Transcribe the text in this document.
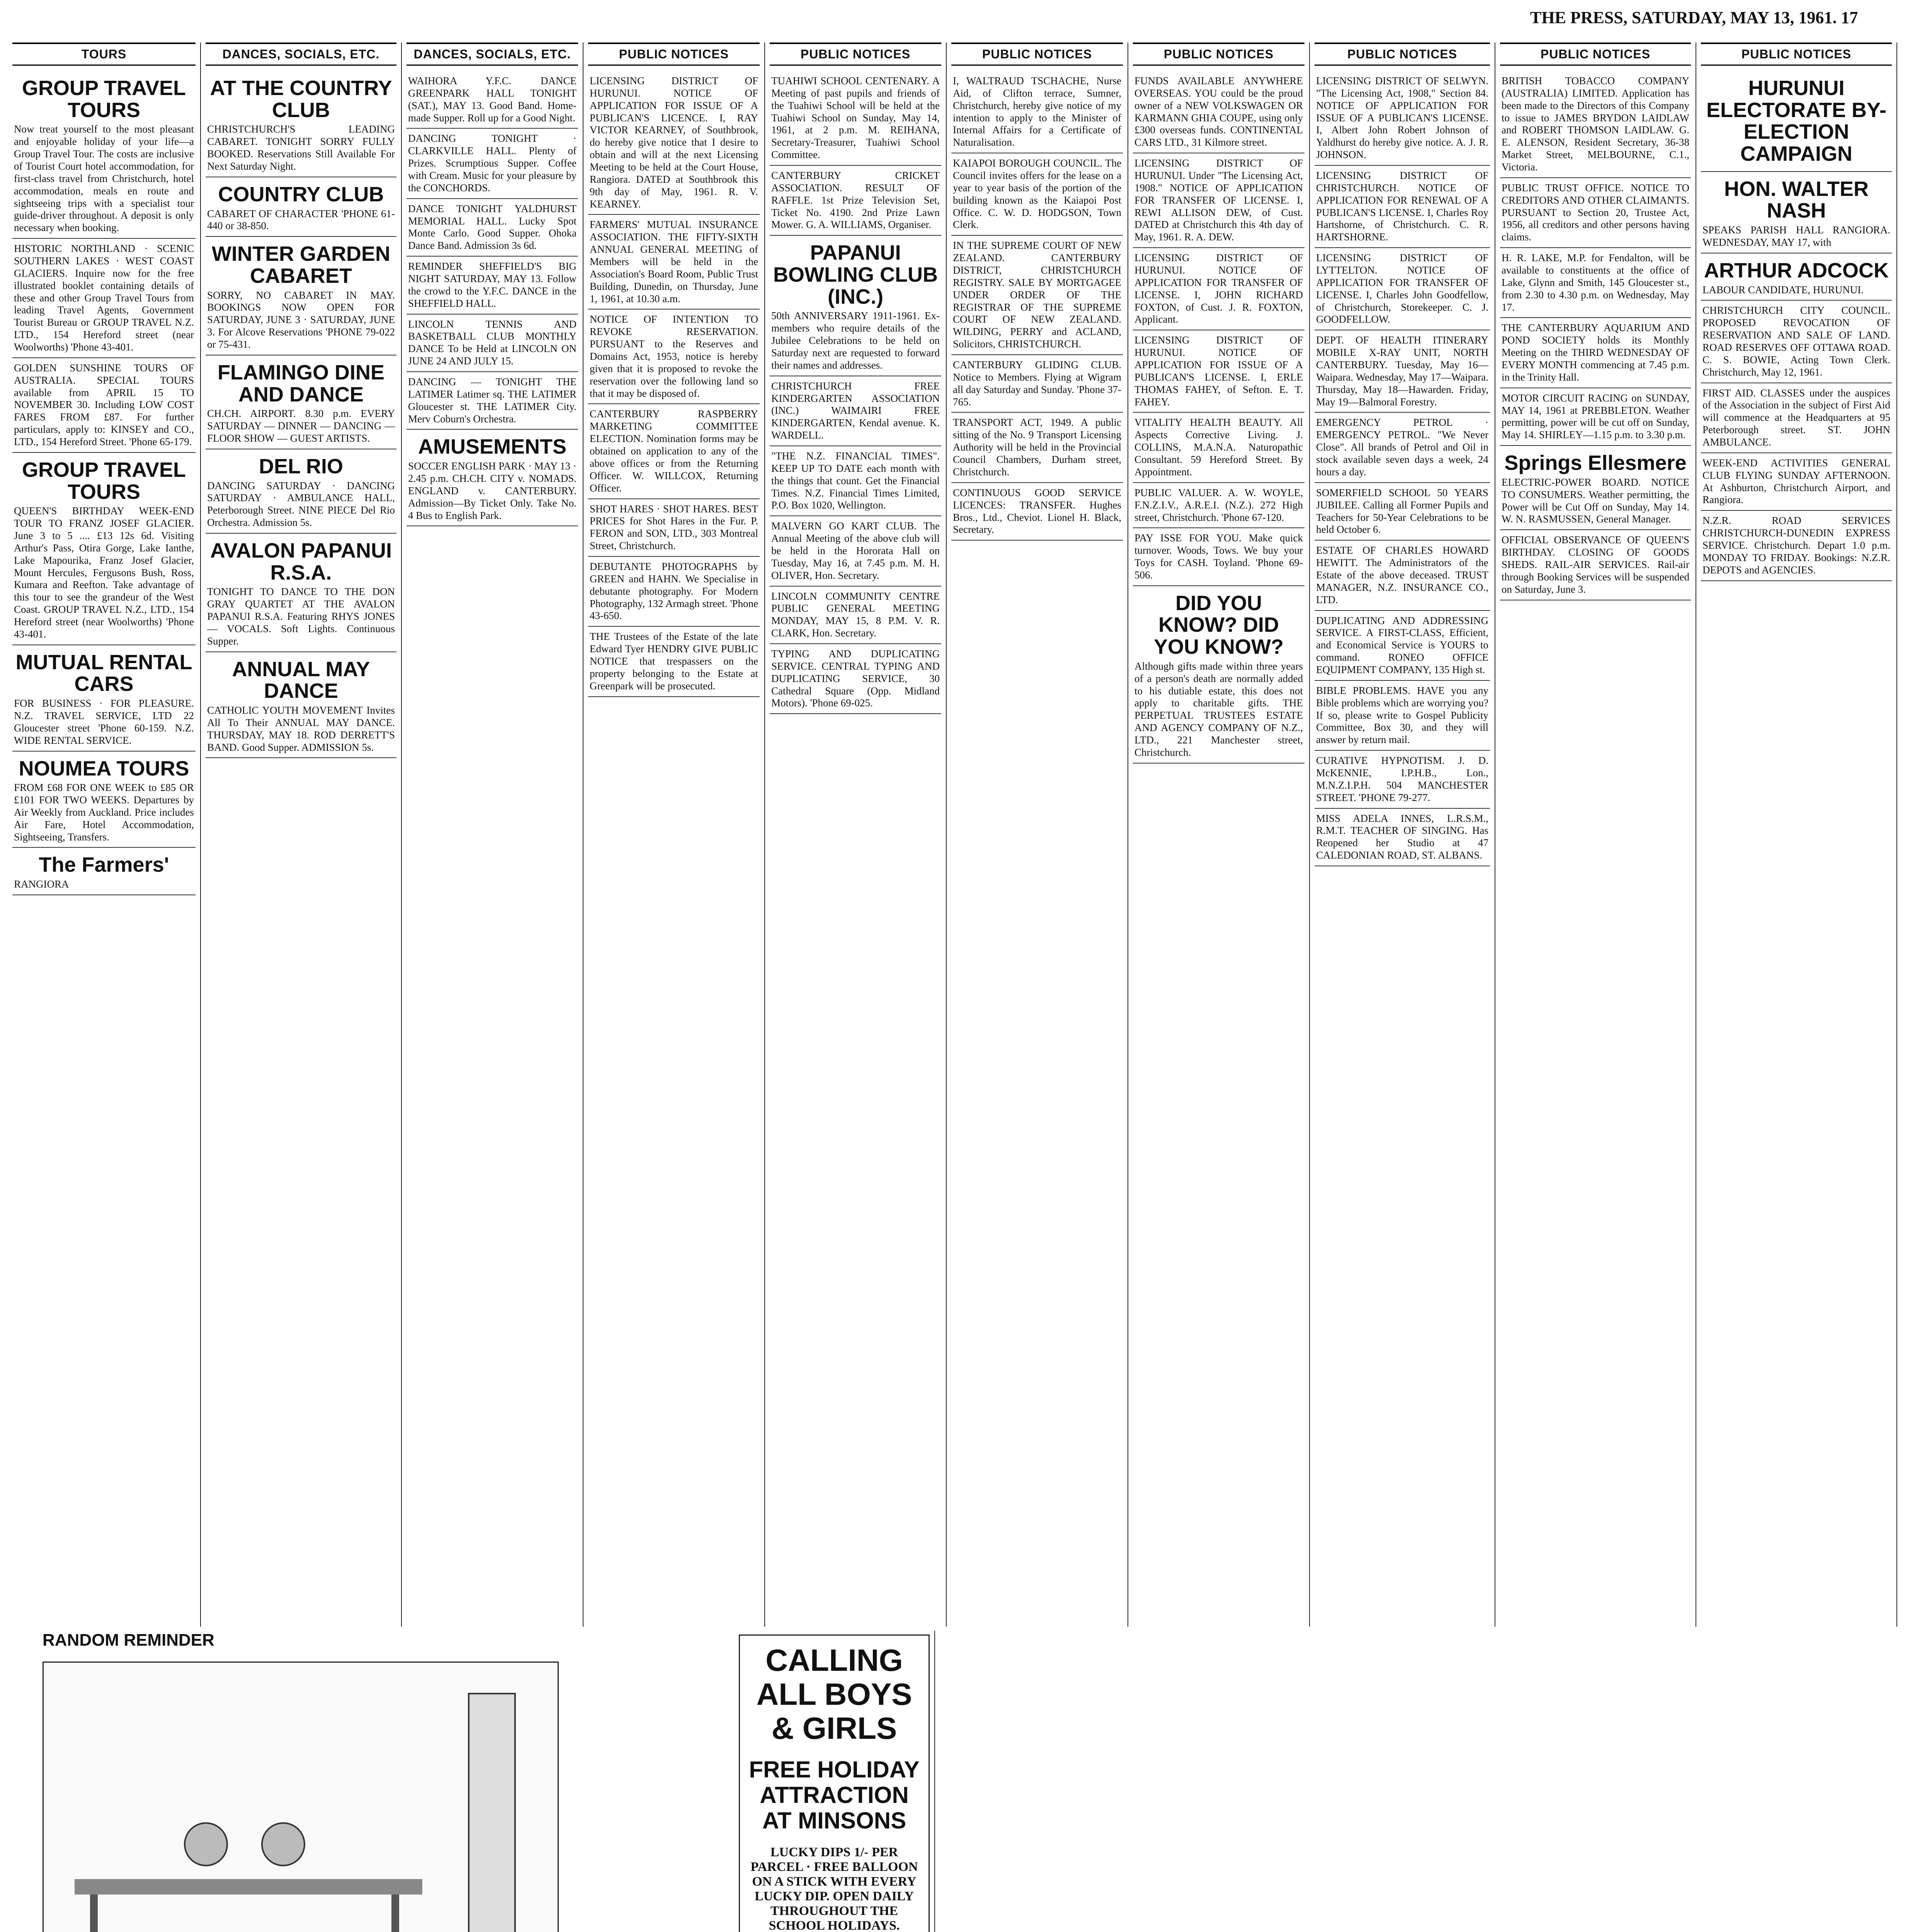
THE PRESS, SATURDAY, MAY 13, 1961. 17
TOURS
GROUP TRAVEL TOURS
Now treat yourself to the most pleasant and enjoyable holiday of your life—a Group Travel Tour. The costs are inclusive of Tourist Court hotel accommodation, for first-class travel from Christchurch, hotel accommodation, meals en route and sightseeing trips with a specialist tour guide-driver throughout. A deposit is only necessary when booking.
HISTORIC NORTHLAND · SCENIC SOUTHERN LAKES · WEST COAST GLACIERS. Inquire now for the free illustrated booklet containing details of these and other Group Travel Tours from leading Travel Agents, Government Tourist Bureau or GROUP TRAVEL N.Z. LTD., 154 Hereford street (near Woolworths) 'Phone 43-401.
GOLDEN SUNSHINE TOURS OF AUSTRALIA. SPECIAL TOURS available from APRIL 15 TO NOVEMBER 30. Including LOW COST FARES FROM £87. For further particulars, apply to: KINSEY and CO., LTD., 154 Hereford Street. 'Phone 65-179.
GROUP TRAVEL TOURS
QUEEN'S BIRTHDAY WEEK-END TOUR TO FRANZ JOSEF GLACIER. June 3 to 5 .... £13 12s 6d. Visiting Arthur's Pass, Otira Gorge, Lake Ianthe, Lake Mapourika, Franz Josef Glacier, Mount Hercules, Fergusons Bush, Ross, Kumara and Reefton. Take advantage of this tour to see the grandeur of the West Coast. GROUP TRAVEL N.Z., LTD., 154 Hereford street (near Woolworths) 'Phone 43-401.
MUTUAL RENTAL CARS
FOR BUSINESS · FOR PLEASURE. N.Z. TRAVEL SERVICE, LTD 22 Gloucester street 'Phone 60-159. N.Z. WIDE RENTAL SERVICE.
NOUMEA TOURS
FROM £68 FOR ONE WEEK to £85 OR £101 FOR TWO WEEKS. Departures by Air Weekly from Auckland. Price includes Air Fare, Hotel Accommodation, Sightseeing, Transfers.
The Farmers'
RANGIORA
DANCES, SOCIALS, ETC.
AT THE COUNTRY CLUB
CHRISTCHURCH'S LEADING CABARET. TONIGHT SORRY FULLY BOOKED. Reservations Still Available For Next Saturday Night.
COUNTRY CLUB
CABARET OF CHARACTER 'PHONE 61-440 or 38-850.
WINTER GARDEN CABARET
SORRY, NO CABARET IN MAY. BOOKINGS NOW OPEN FOR SATURDAY, JUNE 3 · SATURDAY, JUNE 3. For Alcove Reservations 'PHONE 79-022 or 75-431.
FLAMINGO DINE AND DANCE
CH.CH. AIRPORT. 8.30 p.m. EVERY SATURDAY — DINNER — DANCING — FLOOR SHOW — GUEST ARTISTS.
DEL RIO
DANCING SATURDAY · DANCING SATURDAY · AMBULANCE HALL, Peterborough Street. NINE PIECE Del Rio Orchestra. Admission 5s.
AVALON PAPANUI R.S.A.
TONIGHT TO DANCE TO THE DON GRAY QUARTET AT THE AVALON PAPANUI R.S.A. Featuring RHYS JONES — VOCALS. Soft Lights. Continuous Supper.
ANNUAL MAY DANCE
CATHOLIC YOUTH MOVEMENT Invites All To Their ANNUAL MAY DANCE. THURSDAY, MAY 18. ROD DERRETT'S BAND. Good Supper. ADMISSION 5s.
DANCES, SOCIALS, ETC.
WAIHORA Y.F.C. DANCE GREENPARK HALL TONIGHT (SAT.), MAY 13. Good Band. Home-made Supper. Roll up for a Good Night.
DANCING TONIGHT · CLARKVILLE HALL. Plenty of Prizes. Scrumptious Supper. Coffee with Cream. Music for your pleasure by the CONCHORDS.
DANCE TONIGHT YALDHURST MEMORIAL HALL. Lucky Spot Monte Carlo. Good Supper. Ohoka Dance Band. Admission 3s 6d.
REMINDER SHEFFIELD'S BIG NIGHT SATURDAY, MAY 13. Follow the crowd to the Y.F.C. DANCE in the SHEFFIELD HALL.
LINCOLN TENNIS AND BASKETBALL CLUB MONTHLY DANCE To be Held at LINCOLN ON JUNE 24 AND JULY 15.
DANCING — TONIGHT THE LATIMER Latimer sq. THE LATIMER Gloucester st. THE LATIMER City. Merv Coburn's Orchestra.
AMUSEMENTS
SOCCER ENGLISH PARK · MAY 13 · 2.45 p.m. CH.CH. CITY v. NOMADS. ENGLAND v. CANTERBURY. Admission—By Ticket Only. Take No. 4 Bus to English Park.
PUBLIC NOTICES
LICENSING DISTRICT OF HURUNUI. NOTICE OF APPLICATION FOR ISSUE OF A PUBLICAN'S LICENCE. I, RAY VICTOR KEARNEY, of Southbrook, do hereby give notice that I desire to obtain and will at the next Licensing Meeting to be held at the Court House, Rangiora. DATED at Southbrook this 9th day of May, 1961. R. V. KEARNEY.
FARMERS' MUTUAL INSURANCE ASSOCIATION. THE FIFTY-SIXTH ANNUAL GENERAL MEETING of Members will be held in the Association's Board Room, Public Trust Building, Dunedin, on Thursday, June 1, 1961, at 10.30 a.m.
NOTICE OF INTENTION TO REVOKE RESERVATION. PURSUANT to the Reserves and Domains Act, 1953, notice is hereby given that it is proposed to revoke the reservation over the following land so that it may be disposed of.
CANTERBURY RASPBERRY MARKETING COMMITTEE ELECTION. Nomination forms may be obtained on application to any of the above offices or from the Returning Officer. W. WILLCOX, Returning Officer.
SHOT HARES · SHOT HARES. BEST PRICES for Shot Hares in the Fur. P. FERON and SON, LTD., 303 Montreal Street, Christchurch.
DEBUTANTE PHOTOGRAPHS by GREEN and HAHN. We Specialise in debutante photography. For Modern Photography, 132 Armagh street. 'Phone 43-650.
THE Trustees of the Estate of the late Edward Tyer HENDRY GIVE PUBLIC NOTICE that trespassers on the property belonging to the Estate at Greenpark will be prosecuted.
PUBLIC NOTICES
TUAHIWI SCHOOL CENTENARY. A Meeting of past pupils and friends of the Tuahiwi School will be held at the Tuahiwi School on Sunday, May 14, 1961, at 2 p.m. M. REIHANA, Secretary-Treasurer, Tuahiwi School Committee.
CANTERBURY CRICKET ASSOCIATION. RESULT OF RAFFLE. 1st Prize Television Set, Ticket No. 4190. 2nd Prize Lawn Mower. G. A. WILLIAMS, Organiser.
PAPANUI BOWLING CLUB (INC.)
50th ANNIVERSARY 1911-1961. Ex-members who require details of the Jubilee Celebrations to be held on Saturday next are requested to forward their names and addresses.
CHRISTCHURCH FREE KINDERGARTEN ASSOCIATION (INC.) WAIMAIRI FREE KINDERGARTEN, Kendal avenue. K. WARDELL.
"THE N.Z. FINANCIAL TIMES". KEEP UP TO DATE each month with the things that count. Get the Financial Times. N.Z. Financial Times Limited, P.O. Box 1020, Wellington.
MALVERN GO KART CLUB. The Annual Meeting of the above club will be held in the Hororata Hall on Tuesday, May 16, at 7.45 p.m. M. H. OLIVER, Hon. Secretary.
LINCOLN COMMUNITY CENTRE PUBLIC GENERAL MEETING MONDAY, MAY 15, 8 P.M. V. R. CLARK, Hon. Secretary.
TYPING AND DUPLICATING SERVICE. CENTRAL TYPING AND DUPLICATING SERVICE, 30 Cathedral Square (Opp. Midland Motors). 'Phone 69-025.
PUBLIC NOTICES
I, WALTRAUD TSCHACHE, Nurse Aid, of Clifton terrace, Sumner, Christchurch, hereby give notice of my intention to apply to the Minister of Internal Affairs for a Certificate of Naturalisation.
KAIAPOI BOROUGH COUNCIL. The Council invites offers for the lease on a year to year basis of the portion of the building known as the Kaiapoi Post Office. C. W. D. HODGSON, Town Clerk.
IN THE SUPREME COURT OF NEW ZEALAND. CANTERBURY DISTRICT, CHRISTCHURCH REGISTRY. SALE BY MORTGAGEE UNDER ORDER OF THE REGISTRAR OF THE SUPREME COURT OF NEW ZEALAND. WILDING, PERRY and ACLAND, Solicitors, CHRISTCHURCH.
CANTERBURY GLIDING CLUB. Notice to Members. Flying at Wigram all day Saturday and Sunday. 'Phone 37-765.
TRANSPORT ACT, 1949. A public sitting of the No. 9 Transport Licensing Authority will be held in the Provincial Council Chambers, Durham street, Christchurch.
CONTINUOUS GOOD SERVICE LICENCES: TRANSFER. Hughes Bros., Ltd., Cheviot. Lionel H. Black, Secretary.
PUBLIC NOTICES
FUNDS AVAILABLE ANYWHERE OVERSEAS. YOU could be the proud owner of a NEW VOLKSWAGEN OR KARMANN GHIA COUPE, using only £300 overseas funds. CONTINENTAL CARS LTD., 31 Kilmore street.
LICENSING DISTRICT OF HURUNUI. Under "The Licensing Act, 1908." NOTICE OF APPLICATION FOR TRANSFER OF LICENSE. I, REWI ALLISON DEW, of Cust. DATED at Christchurch this 4th day of May, 1961. R. A. DEW.
LICENSING DISTRICT OF HURUNUI. NOTICE OF APPLICATION FOR TRANSFER OF LICENSE. I, JOHN RICHARD FOXTON, of Cust. J. R. FOXTON, Applicant.
LICENSING DISTRICT OF HURUNUI. NOTICE OF APPLICATION FOR ISSUE OF A PUBLICAN'S LICENSE. I, ERLE THOMAS FAHEY, of Sefton. E. T. FAHEY.
VITALITY HEALTH BEAUTY. All Aspects Corrective Living. J. COLLINS, M.A.N.A. Naturopathic Consultant. 59 Hereford Street. By Appointment.
PUBLIC VALUER. A. W. WOYLE, F.N.Z.I.V., A.R.E.I. (N.Z.). 272 High street, Christchurch. 'Phone 67-120.
PAY ISSE FOR YOU. Make quick turnover. Woods, Tows. We buy your Toys for CASH. Toyland. 'Phone 69-506.
DID YOU KNOW? DID YOU KNOW?
Although gifts made within three years of a person's death are normally added to his dutiable estate, this does not apply to charitable gifts. THE PERPETUAL TRUSTEES ESTATE AND AGENCY COMPANY OF N.Z., LTD., 221 Manchester street, Christchurch.
PUBLIC NOTICES
LICENSING DISTRICT OF SELWYN. "The Licensing Act, 1908," Section 84. NOTICE OF APPLICATION FOR ISSUE OF A PUBLICAN'S LICENSE. I, Albert John Robert Johnson of Yaldhurst do hereby give notice. A. J. R. JOHNSON.
LICENSING DISTRICT OF CHRISTCHURCH. NOTICE OF APPLICATION FOR RENEWAL OF A PUBLICAN'S LICENSE. I, Charles Roy Hartshorne, of Christchurch. C. R. HARTSHORNE.
LICENSING DISTRICT OF LYTTELTON. NOTICE OF APPLICATION FOR TRANSFER OF LICENSE. I, Charles John Goodfellow, of Christchurch, Storekeeper. C. J. GOODFELLOW.
DEPT. OF HEALTH ITINERARY MOBILE X-RAY UNIT, NORTH CANTERBURY. Tuesday, May 16—Waipara. Wednesday, May 17—Waipara. Thursday, May 18—Hawarden. Friday, May 19—Balmoral Forestry.
EMERGENCY PETROL · EMERGENCY PETROL. "We Never Close". All brands of Petrol and Oil in stock available seven days a week, 24 hours a day.
SOMERFIELD SCHOOL 50 YEARS JUBILEE. Calling all Former Pupils and Teachers for 50-Year Celebrations to be held October 6.
ESTATE OF CHARLES HOWARD HEWITT. The Administrators of the Estate of the above deceased. TRUST MANAGER, N.Z. INSURANCE CO., LTD.
DUPLICATING AND ADDRESSING SERVICE. A FIRST-CLASS, Efficient, and Economical Service is YOURS to command. RONEO OFFICE EQUIPMENT COMPANY, 135 High st.
BIBLE PROBLEMS. HAVE you any Bible problems which are worrying you? If so, please write to Gospel Publicity Committee, Box 30, and they will answer by return mail.
CURATIVE HYPNOTISM. J. D. McKENNIE, I.P.H.B., Lon., M.N.Z.I.P.H. 504 MANCHESTER STREET. 'PHONE 79-277.
MISS ADELA INNES, L.R.S.M., R.M.T. TEACHER OF SINGING. Has Reopened her Studio at 47 CALEDONIAN ROAD, ST. ALBANS.
PUBLIC NOTICES
BRITISH TOBACCO COMPANY (AUSTRALIA) LIMITED. Application has been made to the Directors of this Company to issue to JAMES BRYDON LAIDLAW and ROBERT THOMSON LAIDLAW. G. E. ALENSON, Resident Secretary, 36-38 Market Street, MELBOURNE, C.1., Victoria.
PUBLIC TRUST OFFICE. NOTICE TO CREDITORS AND OTHER CLAIMANTS. PURSUANT to Section 20, Trustee Act, 1956, all creditors and other persons having claims.
H. R. LAKE, M.P. for Fendalton, will be available to constituents at the office of Lake, Glynn and Smith, 145 Gloucester st., from 2.30 to 4.30 p.m. on Wednesday, May 17.
THE CANTERBURY AQUARIUM AND POND SOCIETY holds its Monthly Meeting on the THIRD WEDNESDAY OF EVERY MONTH commencing at 7.45 p.m. in the Trinity Hall.
MOTOR CIRCUIT RACING on SUNDAY, MAY 14, 1961 at PREBBLETON. Weather permitting, power will be cut off on Sunday, May 14. SHIRLEY—1.15 p.m. to 3.30 p.m.
Springs Ellesmere
ELECTRIC-POWER BOARD. NOTICE TO CONSUMERS. Weather permitting, the Power will be Cut Off on Sunday, May 14. W. N. RASMUSSEN, General Manager.
OFFICIAL OBSERVANCE OF QUEEN'S BIRTHDAY. CLOSING OF GOODS SHEDS. RAIL-AIR SERVICES. Rail-air through Booking Services will be suspended on Saturday, June 3.
PUBLIC NOTICES
HURUNUI ELECTORATE BY-ELECTION CAMPAIGN
HON. WALTER NASH
SPEAKS PARISH HALL RANGIORA. WEDNESDAY, MAY 17, with
ARTHUR ADCOCK
LABOUR CANDIDATE, HURUNUI.
CHRISTCHURCH CITY COUNCIL. PROPOSED REVOCATION OF RESERVATION AND SALE OF LAND. ROAD RESERVES OFF OTTAWA ROAD. C. S. BOWIE, Acting Town Clerk. Christchurch, May 12, 1961.
FIRST AID. CLASSES under the auspices of the Association in the subject of First Aid will commence at the Headquarters at 95 Peterborough street. ST. JOHN AMBULANCE.
WEEK-END ACTIVITIES GENERAL CLUB FLYING SUNDAY AFTERNOON. At Ashburton, Christchurch Airport, and Rangiora.
N.Z.R. ROAD SERVICES CHRISTCHURCH-DUNEDIN EXPRESS SERVICE. Christchurch. Depart 1.0 p.m. MONDAY TO FRIDAY. Bookings: N.Z.R. DEPOTS and AGENCIES.
RANDOM REMINDER

CALLING ALL BOYS & GIRLS
FREE HOLIDAY ATTRACTION AT MINSONS
LUCKY DIPS 1/- PER PARCEL · FREE BALLOON ON A STICK WITH EVERY LUCKY DIP. OPEN DAILY THROUGHOUT THE SCHOOL HOLIDAYS.
